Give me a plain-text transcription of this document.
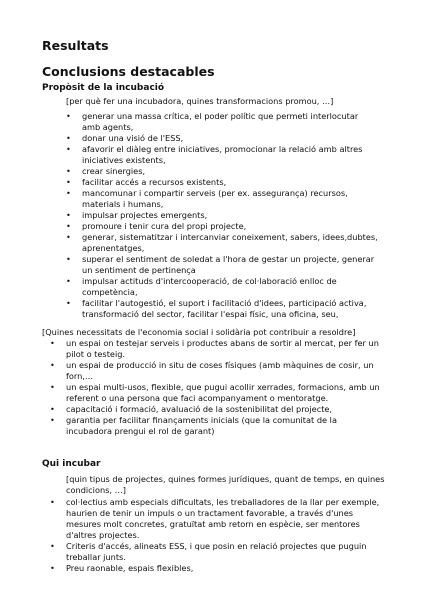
Resultats
Conclusions destacables
Propòsit de la incubació

[per què fer una incubadora, quines transformacions promou, …]

• generar una massa crítica, el poder polític que permeti interlocutar amb agents,
• donar una visió de l'ESS,
• afavorir el diàleg entre iniciatives, promocionar la relació amb altres iniciatives existents,
• crear sinergies,
• facilitar accés a recursos existents,
• mancomunar i compartir serveis (per ex. assegurança) recursos, materials i humans,
• impulsar projectes emergents,
• promoure i tenir cura del propi projecte,
• generar, sistematitzar i intercanviar coneixement, sabers, idees,dubtes, aprenentatges,
• superar el sentiment de soledat a l'hora de gestar un projecte, generar un sentiment de pertinença
• impulsar actituds d'intercooperació, de col·laboració enlloc de competència,
• facilitar l'autogestió, el suport i facilitació d'idees, participació activa, transformació del sector, facilitar l'espai físic, una oficina, seu,

[Quines necessitats de l'economia social i solidària pot contribuir a resoldre]

• un espai on testejar serveis i productes abans de sortir al mercat, per fer un pilot o testeig.
• un espai de producció in situ de coses físiques (amb màquines de cosir, un forn,…
• un espai multi-usos, flexible, que pugui acollir xerrades, formacions, amb un referent o una persona que faci acompanyament o mentoratge.
• capacitació i formació, avaluació de la sostenibilitat del projecte,
• garantia per facilitar finançaments inicials (que la comunitat de la incubadora prengui el rol de garant)
Qui incubar

[quin tipus de projectes, quines formes jurídiques, quant de temps, en quines condicions, …]

• col·lectius amb especials dificultats, les treballadores de la llar per exemple, haurien de tenir un impuls o un tractament favorable, a través d'unes mesures molt concretes, gratuïtat amb retorn en espècie, ser mentores d'altres projectes.
• Criteris d'accés, alineats ESS, i que posin en relació projectes que puguin treballar junts.
• Preu raonable, espais flexibles,
